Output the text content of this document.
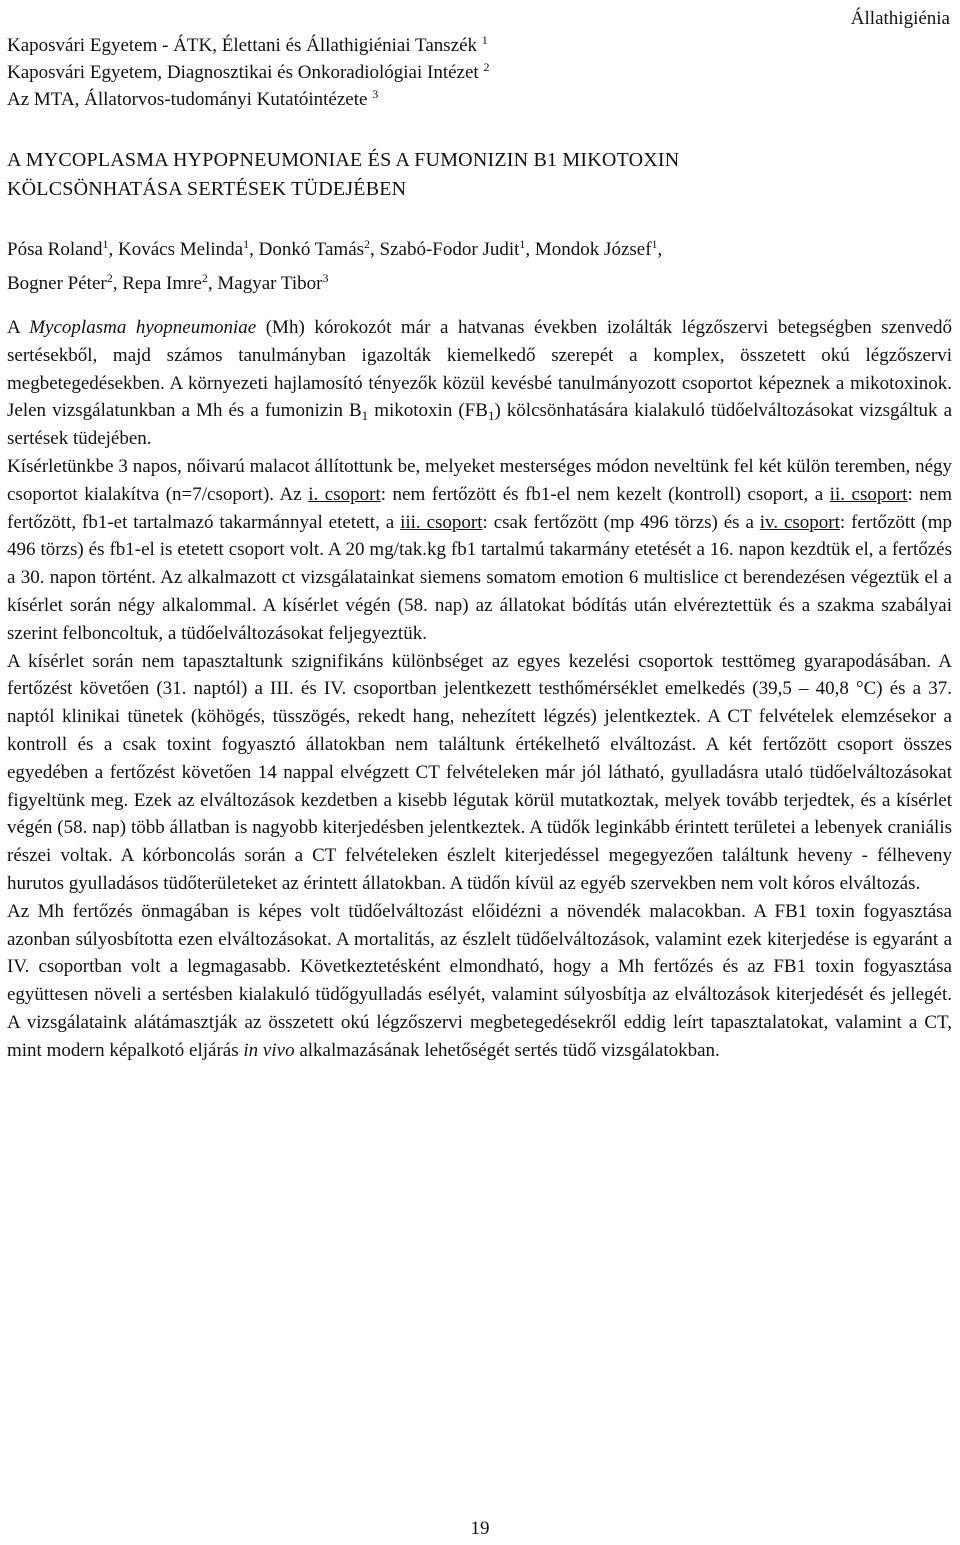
Állathigiénia
Kaposvári Egyetem - ÁTK, Élettani és Állathigiéniai Tanszék $^1$
Kaposvári Egyetem, Diagnosztikai és Onkoradiológiai Intézet $^2$
Az MTA, Állatorvos-tudományi Kutatóintézete $^3$
A MYCOPLASMA HYPOPNEUMONIAE ÉS A FUMONIZIN B1 MIKOTOXIN
KÖLCSÖNHATÁSA SERTÉSEK TÜDEJÉBEN
Pósa Roland$^1$, Kovács Melinda$^1$, Donkó Tamás$^2$, Szabó-Fodor Judit$^1$, Mondok József$^1$,
Bogner Péter$^2$, Repa Imre$^2$, Magyar Tibor$^3$

A Mycoplasma hyopneumoniae (Mh) kórokozót már a hatvanas években izolálták légzőszervi betegségben szenvedő sertésekből, majd számos tanulmányban igazolták kiemelkedő szerepét a komplex, összetett okú légzőszervi megbetegedésekben. A környezeti hajlamosító tényezők közül kevésbé tanulmányozott csoportot képeznek a mikotoxinok. Jelen vizsgálatunkban a Mh és a fumonizin $B_1$ mikotoxin $(FB_1)$ kölcsönhatására kialakuló tüdőelváltozásokat vizsgáltuk a sertések tüdejében.

Kísérletünkbe 3 napos, nőivarú malacot állítottunk be, melyeket mesterséges módon neveltünk fel két külön teremben, négy csoportot kialakítva (n=7/csoport). Az i. csoport: nem fertőzött és fb1-el nem kezelt (kontroll) csoport, a ii. csoport: nem fertőzött, fb1-et tartalmazó takarmánnyal etetett, a iii. csoport: csak fertőzött (mp 496 törzs) és a iv. csoport: fertőzött (mp 496 törzs) és fb1-el is etetett csoport volt. A 20 mg/tak.kg fb1 tartalmú takarmány etetését a 16. napon kezdtük el, a fertőzés a 30. napon történt. Az alkalmazott ct vizsgálatainkat siemens somatom emotion 6 multislice ct berendezésen végeztük el a kísérlet során négy alkalommal. A kísérlet végén (58. nap) az állatokat bódítás után elvéreztettük és a szakma szabályai szerint felboncoltuk, a tüdőelváltozásokat feljegyeztük.

A kísérlet során nem tapasztaltunk szignifikáns különbséget az egyes kezelési csoportok testtömeg gyarapodásában. A fertőzést követően (31. naptól) a III. és IV. csoportban jelentkezett testhőmérséklet emelkedés (39,5 – 40,8 °C) és a 37. naptól klinikai tünetek (köhögés, tüsszögés, rekedt hang, nehezített légzés) jelentkeztek. A CT felvételek elemzésekor a kontroll és a csak toxint fogyasztó állatokban nem találtunk értékelhető elváltozást. A két fertőzött csoport összes egyedében a fertőzést követően 14 nappal elvégzett CT felvételeken már jól látható, gyulladásra utaló tüdőelváltozásokat figyeltünk meg. Ezek az elváltozások kezdetben a kisebb légutak körül mutatkoztak, melyek tovább terjedtek, és a kísérlet végén (58. nap) több állatban is nagyobb kiterjedésben jelentkeztek. A tüdők leginkább érintett területei a lebenyek craniális részei voltak. A kórboncolás során a CT felvételeken észlelt kiterjedéssel megegyezően találtunk heveny - félheveny hurutos gyulladásos tüdőterületeket az érintett állatokban. A tüdőn kívül az egyéb szervekben nem volt kóros elváltozás.

Az Mh fertőzés önmagában is képes volt tüdőelváltozást előidézni a növendék malacokban. A FB1 toxin fogyasztása azonban súlyosbította ezen elváltozásokat. A mortalitás, az észlelt tüdőelváltozások, valamint ezek kiterjedése is egyaránt a IV. csoportban volt a legmagasabb. Következtetésként elmondható, hogy a Mh fertőzés és az FB1 toxin fogyasztása együttesen növeli a sertésben kialakuló tüdőgyulladás esélyét, valamint súlyosbítja az elváltozások kiterjedését és jellegét. A vizsgálataink alátámasztják az összetett okú légzőszervi megbetegedésekről eddig leírt tapasztalatokat, valamint a CT, mint modern képalkotó eljárás in vivo alkalmazásának lehetőségét sertés tüdő vizsgálatokban.

19
